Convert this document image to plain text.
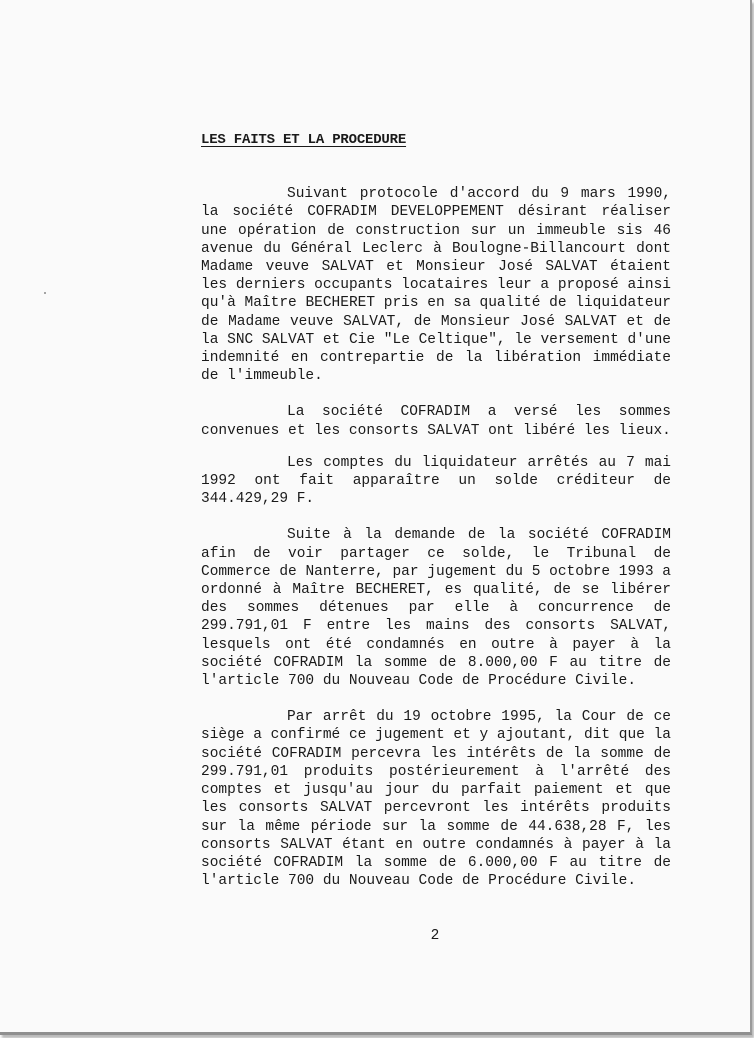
LES FAITS ET LA PROCEDURE

Suivant protocole d'accord du 9 mars 1990, la société COFRADIM DEVELOPPEMENT désirant réaliser une opération de construction sur un immeuble sis 46 avenue du Général Leclerc à Boulogne-Billancourt dont Madame veuve SALVAT et Monsieur José SALVAT étaient les derniers occupants locataires leur a proposé ainsi qu'à Maître BECHERET pris en sa qualité de liquidateur de Madame veuve SALVAT, de Monsieur José SALVAT et de la SNC SALVAT et Cie "Le Celtique", le versement d'une indemnité en contrepartie de la libération immédiate de l'immeuble.

La société COFRADIM a versé les sommes convenues et les consorts SALVAT ont libéré les lieux.

Les comptes du liquidateur arrêtés au 7 mai 1992 ont fait apparaître un solde créditeur de 344.429,29 F.

Suite à la demande de la société COFRADIM afin de voir partager ce solde, le Tribunal de Commerce de Nanterre, par jugement du 5 octobre 1993 a ordonné à Maître BECHERET, es qualité, de se libérer des sommes détenues par elle à concurrence de 299.791,01 F entre les mains des consorts SALVAT, lesquels ont été condamnés en outre à payer à la société COFRADIM la somme de 8.000,00 F au titre de l'article 700 du Nouveau Code de Procédure Civile.

Par arrêt du 19 octobre 1995, la Cour de ce siège a confirmé ce jugement et y ajoutant, dit que la société COFRADIM percevra les intérêts de la somme de 299.791,01 produits postérieurement à l'arrêté des comptes et jusqu'au jour du parfait paiement et que les consorts SALVAT percevront les intérêts produits sur la même période sur la somme de 44.638,28 F, les consorts SALVAT étant en outre condamnés à payer à la société COFRADIM la somme de 6.000,00 F au titre de l'article 700 du Nouveau Code de Procédure Civile.

2
